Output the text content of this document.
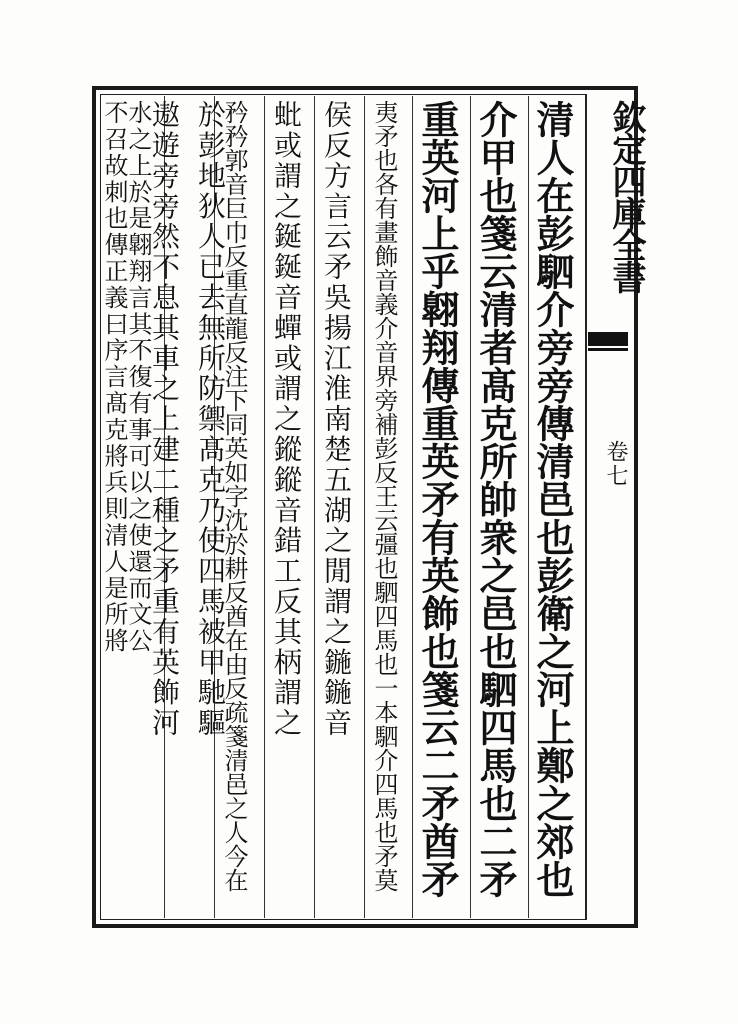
欽定四庫全書
卷七
清人在彭駟介旁旁傳清邑也彭衛之河上鄭之郊也
介甲也箋云清者髙克所帥衆之邑也駟四馬也二矛
重英河上乎翺翔傳重英矛有英飾也箋云二矛酋矛
夷矛也各有畫飾音義介音界旁補彭反王云彊也駟四馬也一本駟介四馬也矛莫
侯反方言云矛吳揚江淮南楚五湖之閒謂之鍦鍦音
蚍或謂之鋋鋋音蟬或謂之鏦鏦音錯工反其柄謂之
矜矜郭音巨巾反重直龍反注下同英如字沈於耕反酋在由反疏箋清邑之人今在
於彭地狄人已去無所防禦髙克乃使四馬被甲馳驅
遨遊旁旁然不息其車之上建二種之矛重有英飾河
水之上於是翺翔言其不復有事可以之使還而文公
不召故刺也傳正義曰序言髙克將兵則清人是所將
